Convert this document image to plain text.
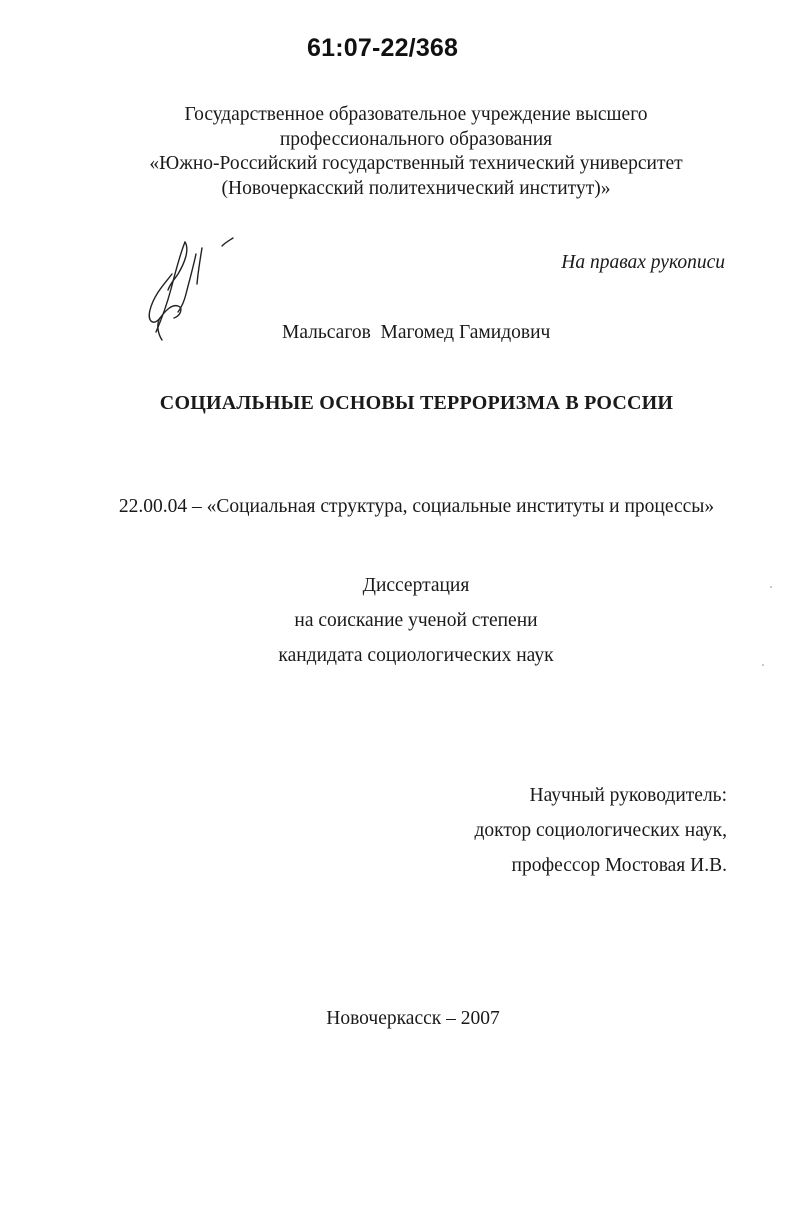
61:07-22/368
Государственное образовательное учреждение высшего
профессионального образования
«Южно-Российский государственный технический университет
(Новочеркасский политехнический институт)»
На правах рукописи
Мальсагов  Магомед Гамидович
СОЦИАЛЬНЫЕ ОСНОВЫ ТЕРРОРИЗМА В РОССИИ
22.00.04 – «Социальная структура, социальные институты и процессы»
Диссертация
на соискание ученой степени
кандидата социологических наук
Научный руководитель:
доктор социологических наук,
профессор Мостовая И.В.
Новочеркасск – 2007
